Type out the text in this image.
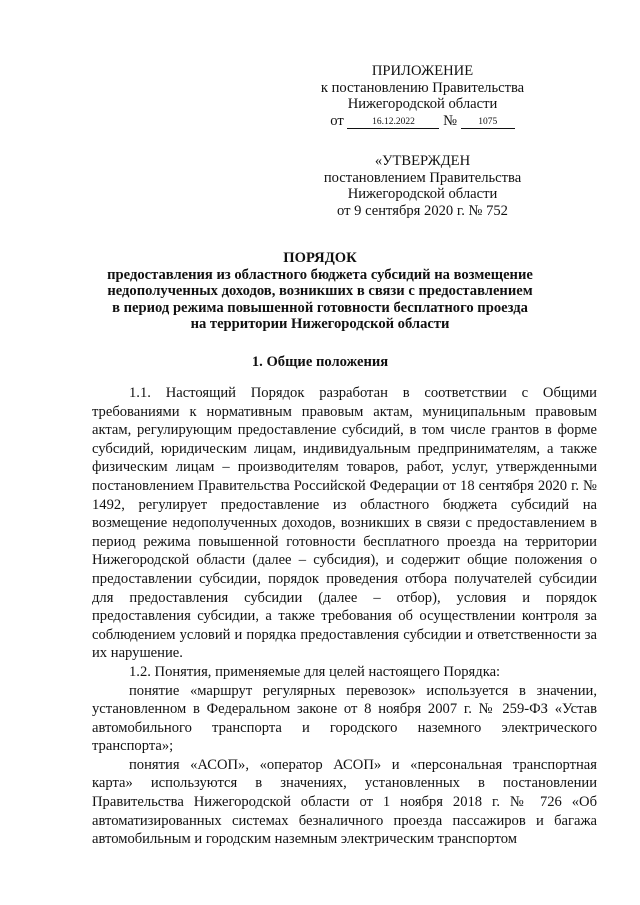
ПРИЛОЖЕНИЕ
к постановлению Правительства
Нижегородской области
от	16.12.2022 № 1075
«УТВЕРЖДЕН
постановлением Правительства
Нижегородской области
от 9 сентября 2020 г. № 752
ПОРЯДОК
предоставления из областного бюджета субсидий на возмещение
недополученных доходов, возникших в связи с предоставлением
в период режима повышенной готовности бесплатного проезда
на территории Нижегородской области
1. Общие положения

1.1. Настоящий Порядок разработан в соответствии с Общими требованиями к нормативным правовым актам, муниципальным правовым актам, регулирующим предоставление субсидий, в том числе грантов в форме субсидий, юридическим лицам, индивидуальным предпринимателям, а также физическим лицам – производителям товаров, работ, услуг, утвержденными постановлением Правительства Российской Федерации от 18 сентября 2020 г. № 1492, регулирует предоставление из областного бюджета субсидий на возмещение недополученных доходов, возникших в связи с предоставлением в период режима повышенной готовности бесплатного проезда на территории Нижегородской области (далее – субсидия), и содержит общие положения о предоставлении субсидии, порядок проведения отбора получателей субсидии для предоставления субсидии (далее – отбор), условия и порядок предоставления субсидии, а также требования об осуществлении контроля за соблюдением условий и порядка предоставления субсидии и ответственности за их нарушение.

1.2. Понятия, применяемые для целей настоящего Порядка:

понятие «маршрут регулярных перевозок» используется в значении, установленном в Федеральном законе от 8 ноября 2007 г. № 259-ФЗ «Устав автомобильного транспорта и городского наземного электрического транспорта»;

понятия «АСОП», «оператор АСОП» и «персональная транспортная карта» используются в значениях, установленных в постановлении Правительства Нижегородской области от 1 ноября 2018 г. № 726 «Об автоматизированных системах безналичного проезда пассажиров и багажа автомобильным и городским наземным электрическим транспортом
